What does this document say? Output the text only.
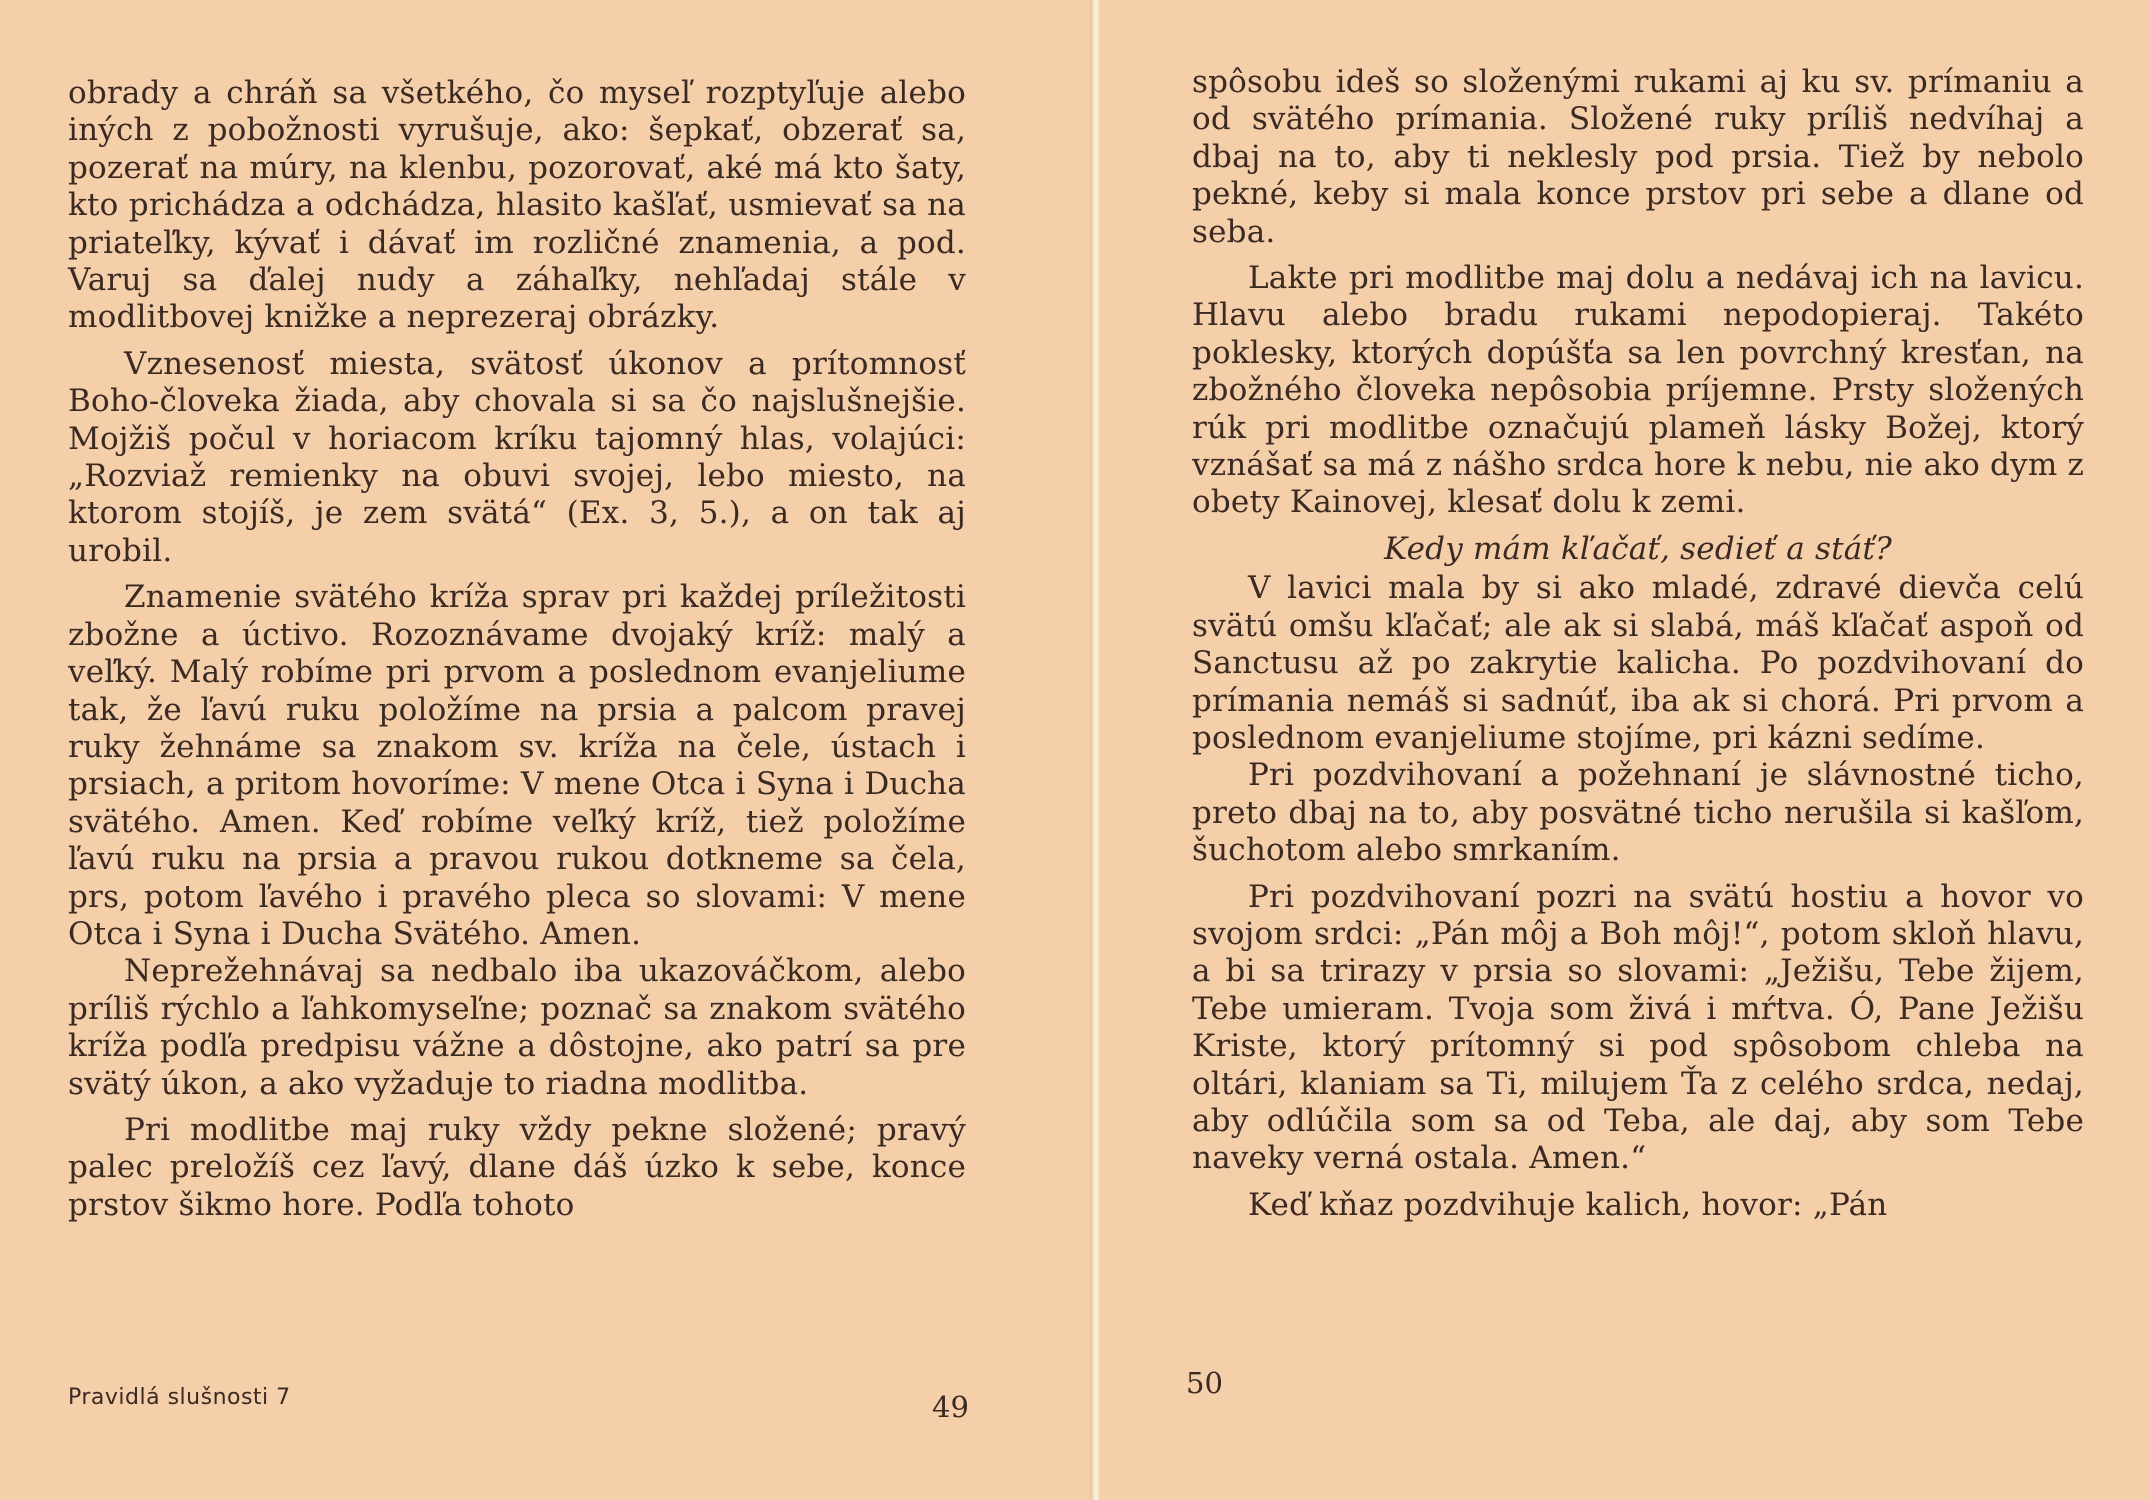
obrady a chráň sa všetkého, čo myseľ rozptyľuje alebo iných z pobožnosti vyrušuje, ako: šepkať, obzerať sa, pozerať na múry, na klenbu, pozorovať, aké má kto šaty, kto prichádza a odchádza, hlasito kašľať, usmievať sa na priateľky, kývať i dávať im rozličné znamenia, a pod. Varuj sa ďalej nudy a záhaľky, nehľadaj stále v modlitbovej knižke a neprezeraj obrázky.

Vznesenosť miesta, svätosť úkonov a prítomnosť Boho-človeka žiada, aby chovala si sa čo najslušnejšie. Mojžiš počul v horiacom kríku tajomný hlas, volajúci: „Rozviaž remienky na obuvi svojej, lebo miesto, na ktorom stojíš, je zem svätá“ (Ex. 3, 5.), a on tak aj urobil.

Znamenie svätého kríža sprav pri každej príležitosti zbožne a úctivo. Rozoznávame dvojaký kríž: malý a veľký. Malý robíme pri prvom a poslednom evanjeliume tak, že ľavú ruku položíme na prsia a palcom pravej ruky žehnáme sa znakom sv. kríža na čele, ústach i prsiach, a pritom hovoríme: V mene Otca i Syna i Ducha svätého. Amen. Keď robíme veľký kríž, tiež položíme ľavú ruku na prsia a pravou rukou dotkneme sa čela, prs, potom ľavého i pravého pleca so slovami: V mene Otca i Syna i Ducha Svätého. Amen.

Neprežehnávaj sa nedbalo iba ukazováčkom, alebo príliš rýchlo a ľahkomyseľne; poznač sa znakom svätého kríža podľa predpisu vážne a dôstojne, ako patrí sa pre svätý úkon, a ako vyžaduje to riadna modlitba.

Pri modlitbe maj ruky vždy pekne složené; pravý palec preložíš cez ľavý, dlane dáš úzko k sebe, konce prstov šikmo hore. Podľa tohoto

Pravidlá slušnosti 7	49

spôsobu ideš so složenými rukami aj ku sv. prímaniu a od svätého prímania. Složené ruky príliš nedvíhaj a dbaj na to, aby ti neklesly pod prsia. Tiež by nebolo pekné, keby si mala konce prstov pri sebe a dlane od seba.

Lakte pri modlitbe maj dolu a nedávaj ich na lavicu. Hlavu alebo bradu rukami nepodopieraj. Takéto poklesky, ktorých dopúšťa sa len povrchný kresťan, na zbožného človeka nepôsobia príjemne. Prsty složených rúk pri modlitbe označujú plameň lásky Božej, ktorý vznášať sa má z nášho srdca hore k nebu, nie ako dym z obety Kainovej, klesať dolu k zemi.

Kedy mám kľačať, sedieť a stáť?

V lavici mala by si ako mladé, zdravé dievča celú svätú omšu kľačať; ale ak si slabá, máš kľačať aspoň od Sanctusu až po zakrytie kalicha. Po pozdvihovaní do prímania nemáš si sadnúť, iba ak si chorá. Pri prvom a poslednom evanjeliume stojíme, pri kázni sedíme.

Pri pozdvihovaní a požehnaní je slávnostné ticho, preto dbaj na to, aby posvätné ticho nerušila si kašľom, šuchotom alebo smrkaním.

Pri pozdvihovaní pozri na svätú hostiu a hovor vo svojom srdci: „Pán môj a Boh môj!“, potom skloň hlavu, a bi sa trirazy v prsia so slovami: „Ježišu, Tebe žijem, Tebe umieram. Tvoja som živá i mŕtva. Ó, Pane Ježišu Kriste, ktorý prítomný si pod spôsobom chleba na oltári, klaniam sa Ti, milujem Ťa z celého srdca, nedaj, aby odlúčila som sa od Teba, ale daj, aby som Tebe naveky verná ostala. Amen.“

Keď kňaz pozdvihuje kalich, hovor: „Pán

50
